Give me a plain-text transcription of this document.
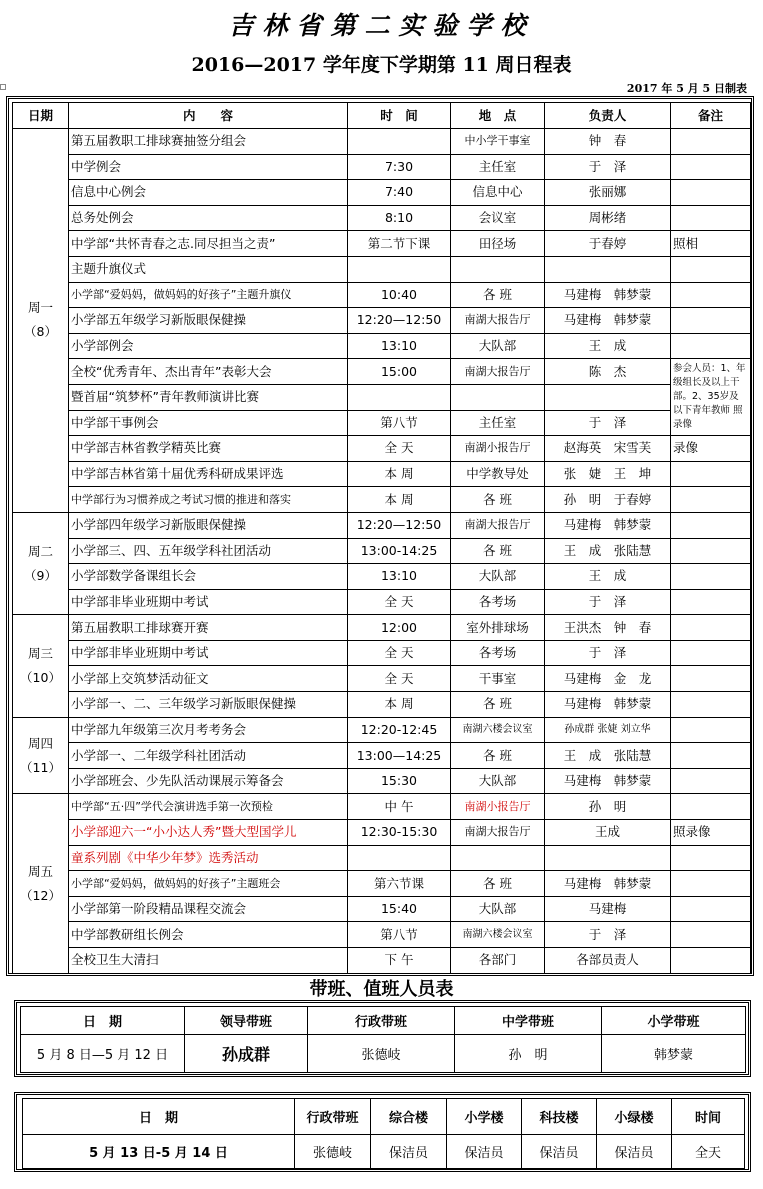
吉林省第二实验学校
2016—2017 学年度下学期第 11 周日程表
2017 年 5 月 5 日制表
日期	内　　容	时　间	地　点	负责人	备注

周一
（8）	第五届教职工排球赛抽签分组会		中小学干事室	钟　春	
	中学例会	7:30	主任室	于　泽	
	信息中心例会	7:40	信息中心	张丽娜	
	总务处例会	8:10	会议室	周彬绪	
	中学部“共怀青春之志.同尽担当之责”	第二节下课	田径场	于春婷	照相
	主题升旗仪式				
	小学部“爱妈妈，做妈妈的好孩子”主题升旗仪	10:40	各 班	马建梅　韩梦蒙	
	小学部五年级学习新版眼保健操	12:20—12:50	南湖大报告厅	马建梅　韩梦蒙	
	小学部例会	13:10	大队部	王　成	
	全校“优秀青年、杰出青年”表彰大会	15:00	南湖大报告厅	陈　杰	参会人员：1、年级组长及以上干部。2、35岁及以下青年教师 照录像
	暨首届“筑梦杯”青年教师演讲比赛				
	中学部干事例会	第八节	主任室	于　泽	
	中学部吉林省教学精英比赛	全 天	南湖小报告厅	赵海英　宋雪芙	录像
	中学部吉林省第十届优秀科研成果评选	本 周	中学教导处	张　婕　王　坤	
	中学部行为习惯养成之考试习惯的推进和落实	本 周	各 班	孙　明　于春婷	

周二
（9）	小学部四年级学习新版眼保健操	12:20—12:50	南湖大报告厅	马建梅　韩梦蒙	
	小学部三、四、五年级学科社团活动	13:00-14:25	各 班	王　成　张陆慧	
	小学部数学备课组长会	13:10	大队部	王　成	
	中学部非毕业班期中考试	全 天	各考场	于　泽	

周三
（10）	第五届教职工排球赛开赛	12:00	室外排球场	王洪杰　钟　春	
	中学部非毕业班期中考试	全 天	各考场	于　泽	
	小学部上交筑梦活动征文	全 天	干事室	马建梅　金　龙	
	小学部一、二、三年级学习新版眼保健操	本 周	各 班	马建梅　韩梦蒙	

周四
（11）	中学部九年级第三次月考考务会	12:20-12:45	南湖六楼会议室	孙成群 张婕 刘立华	
	小学部一、二年级学科社团活动	13:00—14:25	各 班	王　成　张陆慧	
	小学部班会、少先队活动课展示筹备会	15:30	大队部	马建梅　韩梦蒙	

周五
（12）	中学部“五·四”学代会演讲选手第一次预检	中 午	南湖小报告厅	孙　明	
	小学部迎六一“小小达人秀”暨大型国学儿	12:30-15:30	南湖大报告厅	王成	照录像
	童系列剧《中华少年梦》选秀活动				
	小学部“爱妈妈，做妈妈的好孩子”主题班会	第六节课	各 班	马建梅　韩梦蒙	
	小学部第一阶段精品课程交流会	15:40	大队部	马建梅	
	中学部教研组长例会	第八节	南湖六楼会议室	于　泽	
	全校卫生大清扫	下 午	各部门	各部员责人	
带班、值班人员表
日　期	领导带班	行政带班	中学带班	小学带班
5 月 8 日—5 月 12 日	孙成群	张德岐	孙　明	韩梦蒙
日　期	行政带班	综合楼	小学楼	科技楼	小绿楼	时间
5 月 13 日-5 月 14 日	张德岐	保洁员	保洁员	保洁员	保洁员	全天
